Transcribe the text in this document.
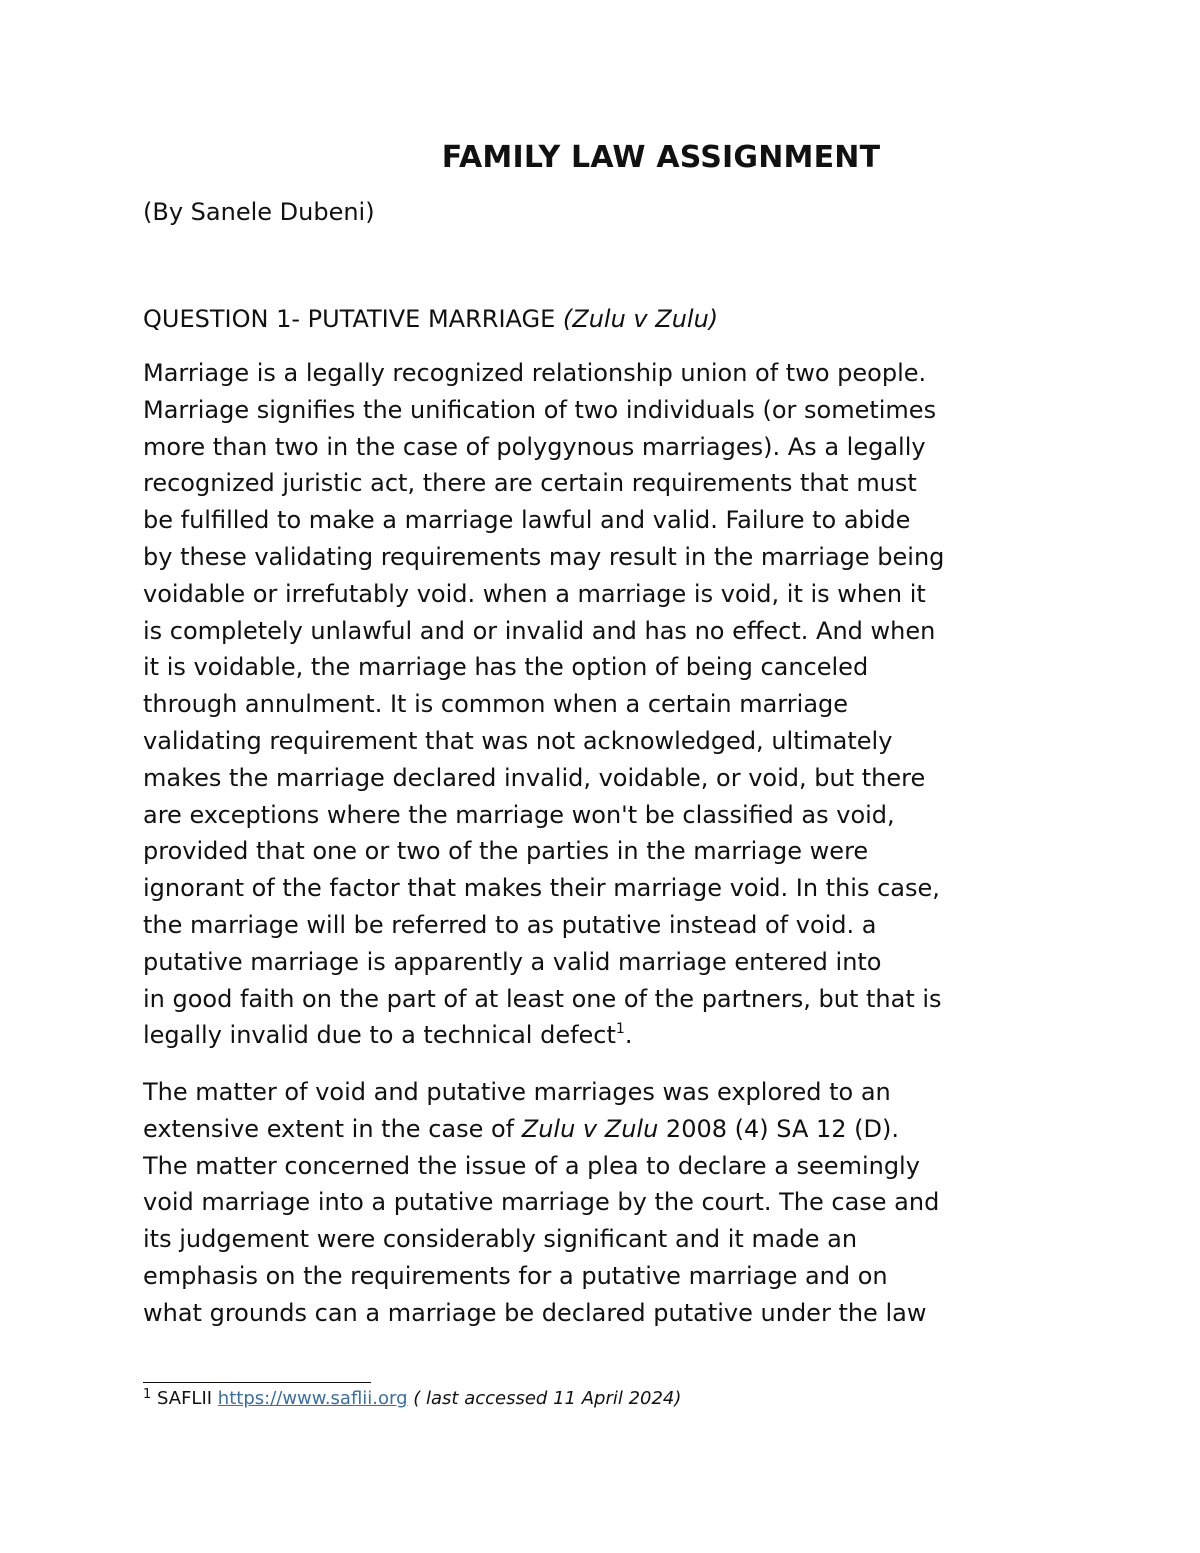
FAMILY LAW ASSIGNMENT

(By Sanele Dubeni)

QUESTION 1- PUTATIVE MARRIAGE (Zulu v Zulu)

Marriage is a legally recognized relationship union of two people.
Marriage signifies the unification of two individuals (or sometimes
more than two in the case of polygynous marriages). As a legally
recognized juristic act, there are certain requirements that must
be fulfilled to make a marriage lawful and valid. Failure to abide
by these validating requirements may result in the marriage being
voidable or irrefutably void. when a marriage is void, it is when it
is completely unlawful and or invalid and has no effect. And when
it is voidable, the marriage has the option of being canceled
through annulment. It is common when a certain marriage
validating requirement that was not acknowledged, ultimately
makes the marriage declared invalid, voidable, or void, but there
are exceptions where the marriage won't be classified as void,
provided that one or two of the parties in the marriage were
ignorant of the factor that makes their marriage void. In this case,
the marriage will be referred to as putative instead of void. a
putative marriage is apparently a valid marriage entered into
in good faith on the part of at least one of the partners, but that is
legally invalid due to a technical defect$^1$.
The matter of void and putative marriages was explored to an
extensive extent in the case of Zulu v Zulu 2008 (4) SA 12 (D).
The matter concerned the issue of a plea to declare a seemingly
void marriage into a putative marriage by the court. The case and
its judgement were considerably significant and it made an
emphasis on the requirements for a putative marriage and on
what grounds can a marriage be declared putative under the law

$^1$ SAFLII https://www.saflii.org ( last accessed 11 April 2024)
